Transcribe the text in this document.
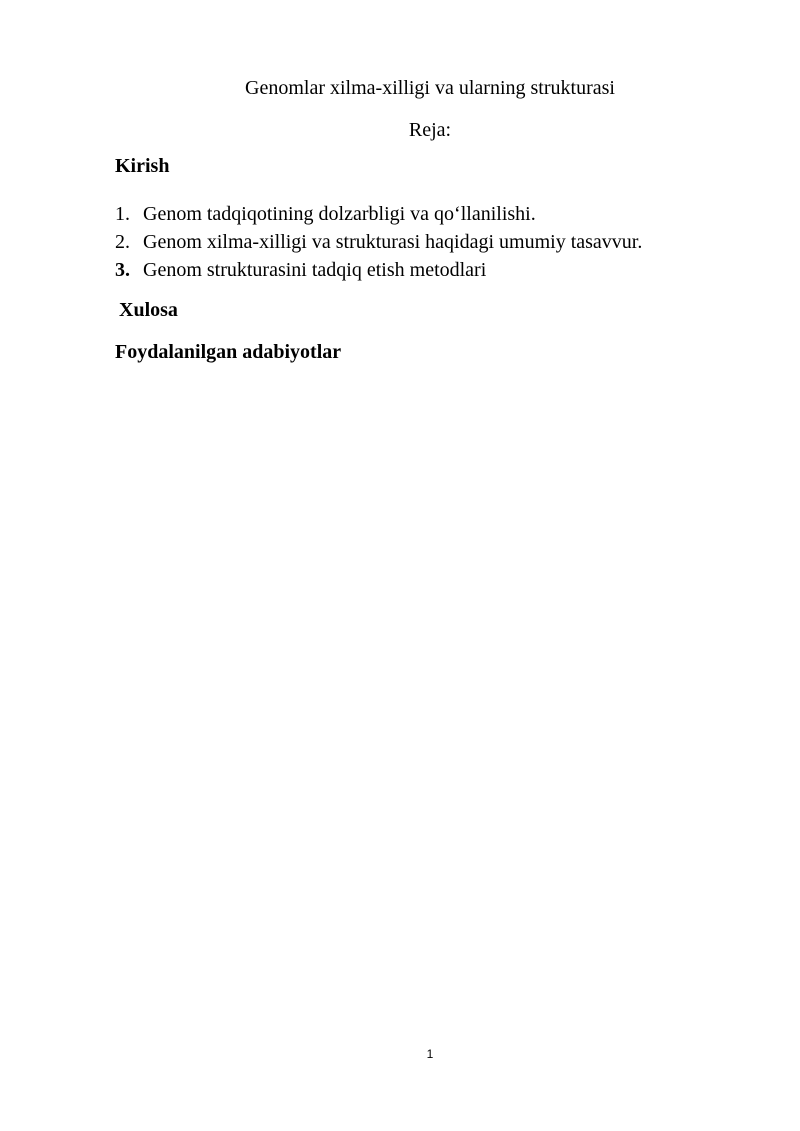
Genomlar xilma-xilligi va ularning strukturasi
Reja:
Kirish
1. Genom tadqiqotining dolzarbligi va qo‘llanilishi.
2. Genom xilma-xilligi va strukturasi haqidagi umumiy tasavvur.
3. Genom strukturasini tadqiq etish metodlari
Xulosa
Foydalanilgan adabiyotlar
1
